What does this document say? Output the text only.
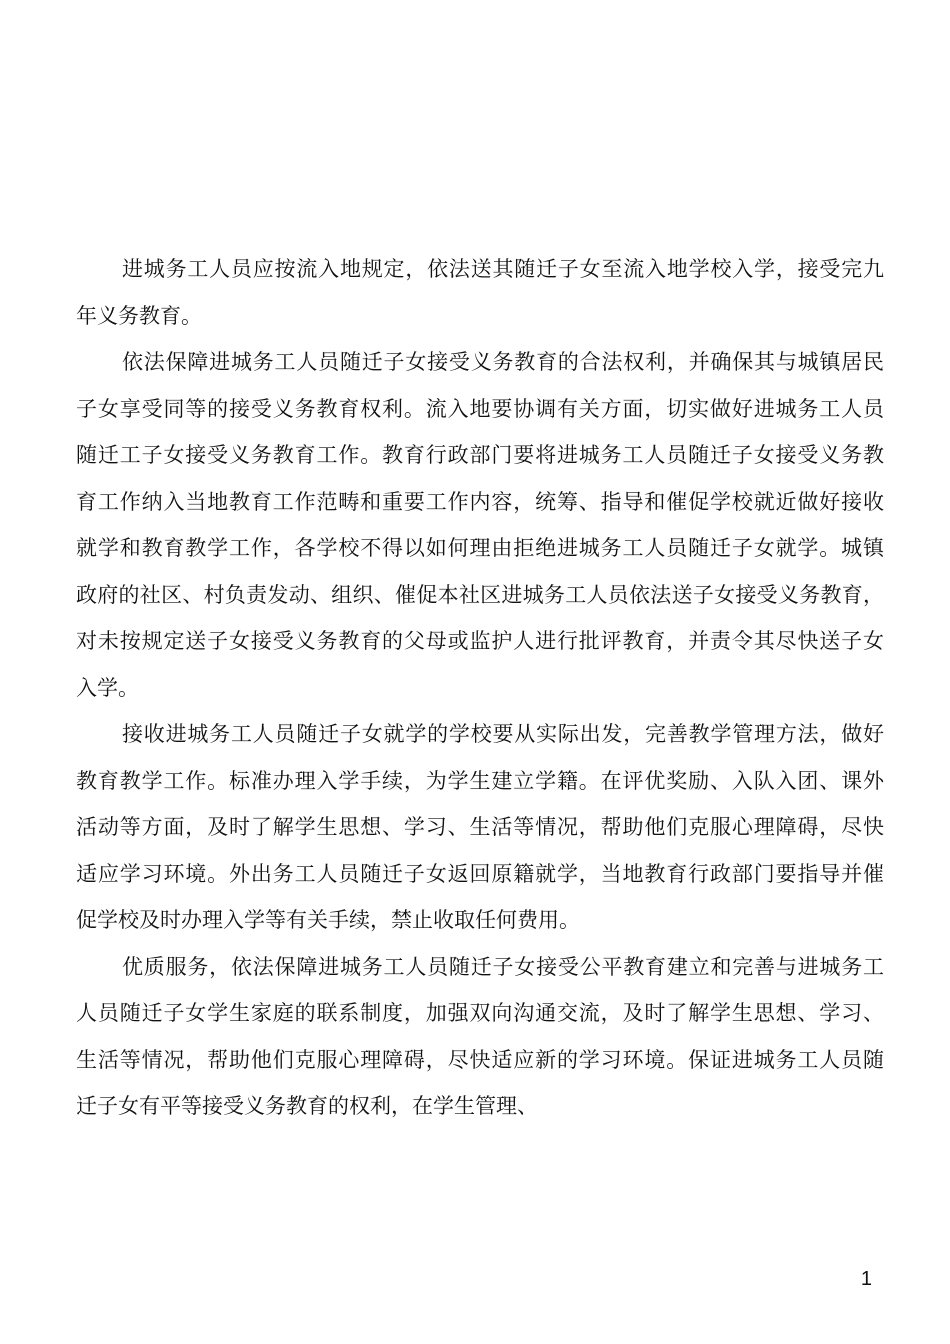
进城务工人员应按流入地规定，依法送其随迁子女至流入地学校入学，接受完九
年义务教育。

依法保障进城务工人员随迁子女接受义务教育的合法权利，并确保其与城镇居民
子女享受同等的接受义务教育权利。流入地要协调有关方面，切实做好进城务工人员
随迁工子女接受义务教育工作。教育行政部门要将进城务工人员随迁子女接受义务教
育工作纳入当地教育工作范畴和重要工作内容，统筹、指导和催促学校就近做好接收
就学和教育教学工作，各学校不得以如何理由拒绝进城务工人员随迁子女就学。城镇
政府的社区、村负责发动、组织、催促本社区进城务工人员依法送子女接受义务教育，
对未按规定送子女接受义务教育的父母或监护人进行批评教育，并责令其尽快送子女
入学。

接收进城务工人员随迁子女就学的学校要从实际出发，完善教学管理方法，做好
教育教学工作。标准办理入学手续，为学生建立学籍。在评优奖励、入队入团、课外
活动等方面，及时了解学生思想、学习、生活等情况，帮助他们克服心理障碍，尽快
适应学习环境。外出务工人员随迁子女返回原籍就学，当地教育行政部门要指导并催
促学校及时办理入学等有关手续，禁止收取任何费用。

优质服务，依法保障进城务工人员随迁子女接受公平教育建立和完善与进城务工
人员随迁子女学生家庭的联系制度，加强双向沟通交流，及时了解学生思想、学习、
生活等情况，帮助他们克服心理障碍，尽快适应新的学习环境。保证进城务工人员随
迁子女有平等接受义务教育的权利，在学生管理、

1
